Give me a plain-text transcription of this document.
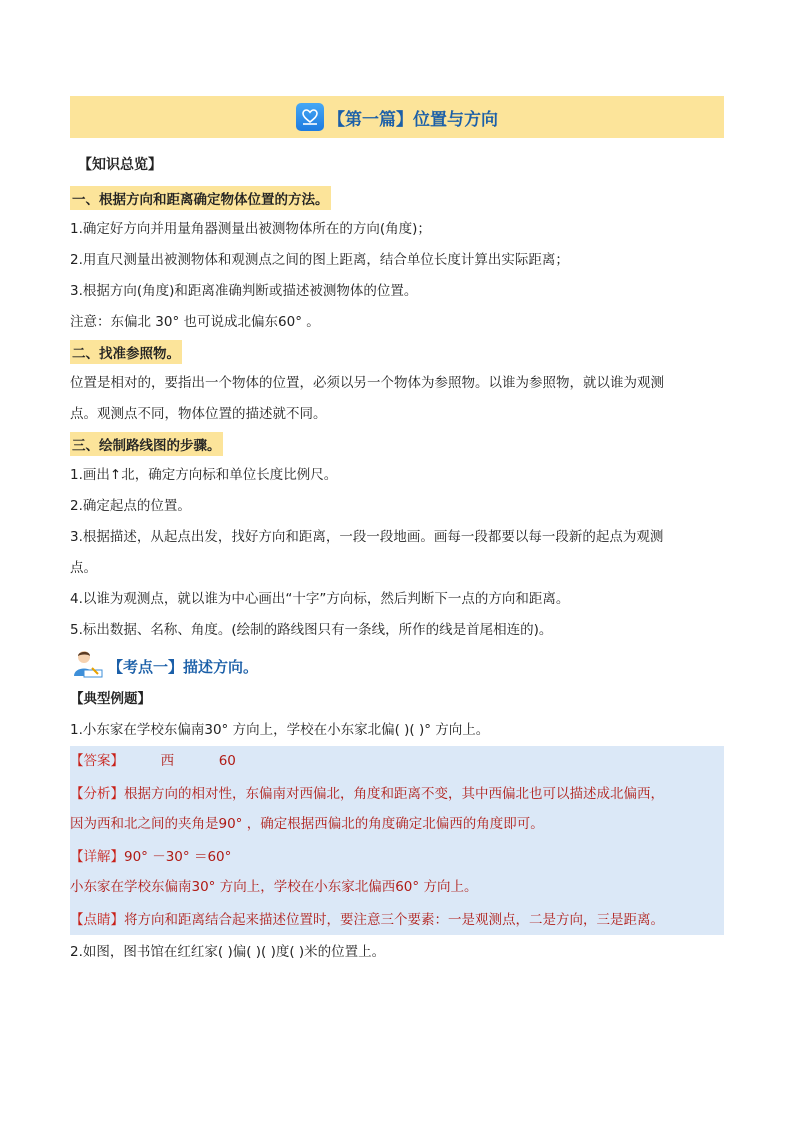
【第一篇】位置与方向
【知识总览】
一、根据方向和距离确定物体位置的方法。
1.确定好方向并用量角器测量出被测物体所在的方向(角度)；
2.用直尺测量出被测物体和观测点之间的图上距离，结合单位长度计算出实际距离；
3.根据方向(角度)和距离准确判断或描述被测物体的位置。
注意：东偏北 30° 也可说成北偏东60° 。
二、找准参照物。
位置是相对的，要指出一个物体的位置，必须以另一个物体为参照物。以谁为参照物，就以谁为观测
点。观测点不同，物体位置的描述就不同。
三、绘制路线图的步骤。
1.画出↑北，确定方向标和单位长度比例尺。
2.确定起点的位置。
3.根据描述，从起点出发，找好方向和距离，一段一段地画。画每一段都要以每一段新的起点为观测
点。
4.以谁为观测点，就以谁为中心画出“十字”方向标，然后判断下一点的方向和距离。
5.标出数据、名称、角度。(绘制的路线图只有一条线，所作的线是首尾相连的)。
【考点一】描述方向。
【典型例题】
1.小东家在学校东偏南30° 方向上，学校在小东家北偏( )( )° 方向上。
【答案】	西	60
【分析】根据方向的相对性，东偏南对西偏北，角度和距离不变，其中西偏北也可以描述成北偏西，
因为西和北之间的夹角是90° ，确定根据西偏北的角度确定北偏西的角度即可。
【详解】90° －30° ＝60°
小东家在学校东偏南30° 方向上，学校在小东家北偏西60° 方向上。
【点睛】将方向和距离结合起来描述位置时，要注意三个要素：一是观测点，二是方向，三是距离。
2.如图，图书馆在红红家( )偏( )( )度( )米的位置上。
